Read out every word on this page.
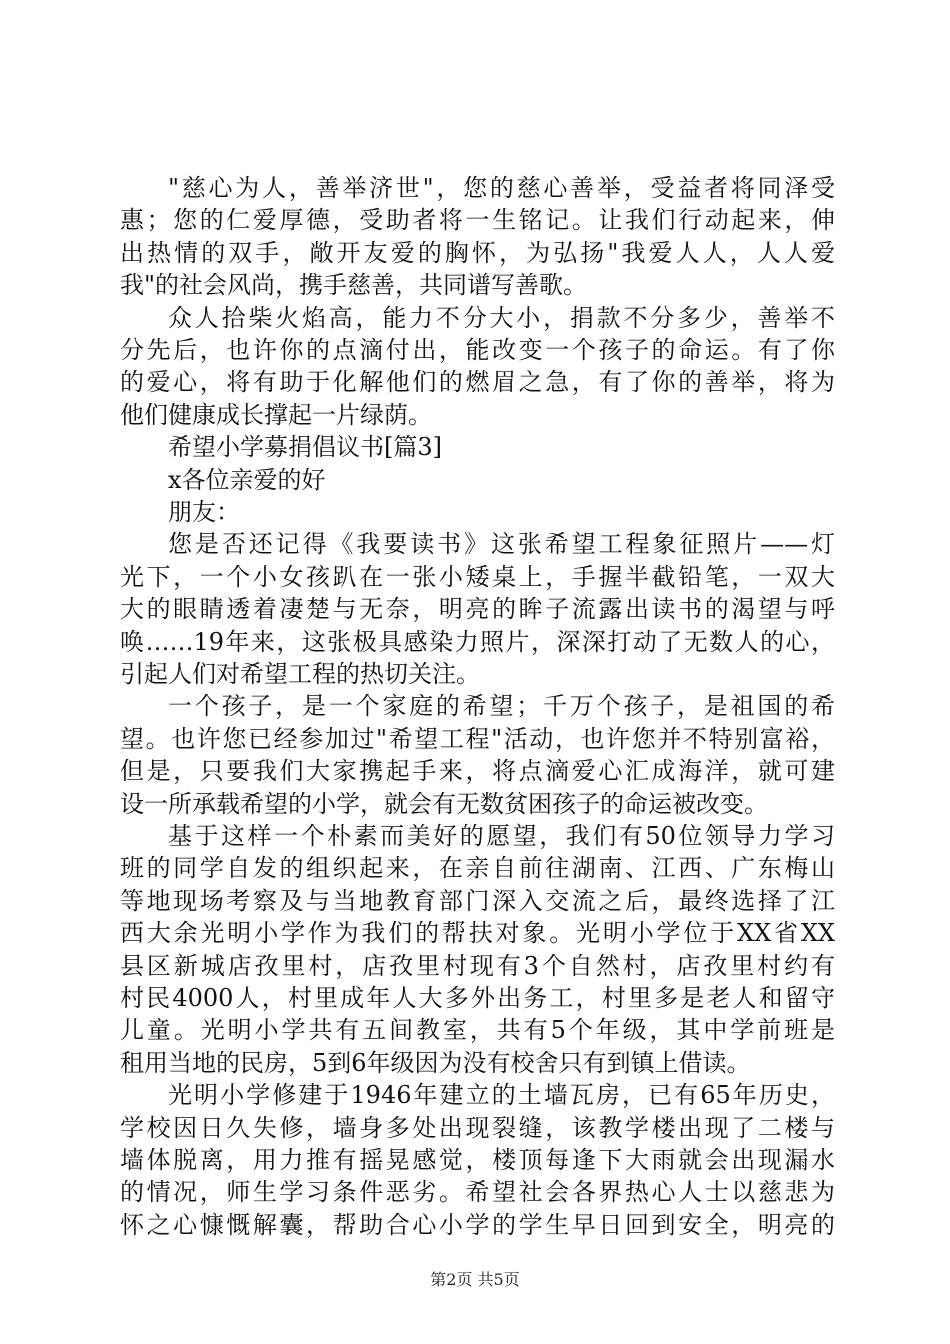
"慈心为人，善举济世"，您的慈心善举，受益者将同泽受
惠；您的仁爱厚德，受助者将一生铭记。让我们行动起来，伸
出热情的双手，敞开友爱的胸怀，为弘扬"我爱人人，人人爱
我"的社会风尚，携手慈善，共同谱写善歌。
众人拾柴火焰高，能力不分大小，捐款不分多少，善举不
分先后，也许你的点滴付出，能改变一个孩子的命运。有了你
的爱心，将有助于化解他们的燃眉之急，有了你的善举，将为
他们健康成长撑起一片绿荫。
希望小学募捐倡议书[篇3]
x各位亲爱的好
朋友：
您是否还记得《我要读书》这张希望工程象征照片——灯
光下，一个小女孩趴在一张小矮桌上，手握半截铅笔，一双大
大的眼睛透着凄楚与无奈，明亮的眸子流露出读书的渴望与呼
唤……19年来，这张极具感染力照片，深深打动了无数人的心，
引起人们对希望工程的热切关注。
一个孩子，是一个家庭的希望；千万个孩子，是祖国的希
望。也许您已经参加过"希望工程"活动，也许您并不特别富裕，
但是，只要我们大家携起手来，将点滴爱心汇成海洋，就可建
设一所承载希望的小学，就会有无数贫困孩子的命运被改变。
基于这样一个朴素而美好的愿望，我们有50位领导力学习
班的同学自发的组织起来，在亲自前往湖南、江西、广东梅山
等地现场考察及与当地教育部门深入交流之后，最终选择了江
西大余光明小学作为我们的帮扶对象。光明小学位于XX省XX
县区新城店孜里村，店孜里村现有3个自然村，店孜里村约有
村民4000人，村里成年人大多外出务工，村里多是老人和留守
儿童。光明小学共有五间教室，共有5个年级，其中学前班是
租用当地的民房，5到6年级因为没有校舍只有到镇上借读。
第2页 共5页
光明小学修建于1946年建立的土墙瓦房，已有65年历史，
学校因日久失修，墙身多处出现裂缝，该教学楼出现了二楼与
墙体脱离，用力推有摇晃感觉，楼顶每逢下大雨就会出现漏水
的情况，师生学习条件恶劣。希望社会各界热心人士以慈悲为
怀之心慷慨解囊，帮助合心小学的学生早日回到安全，明亮的
